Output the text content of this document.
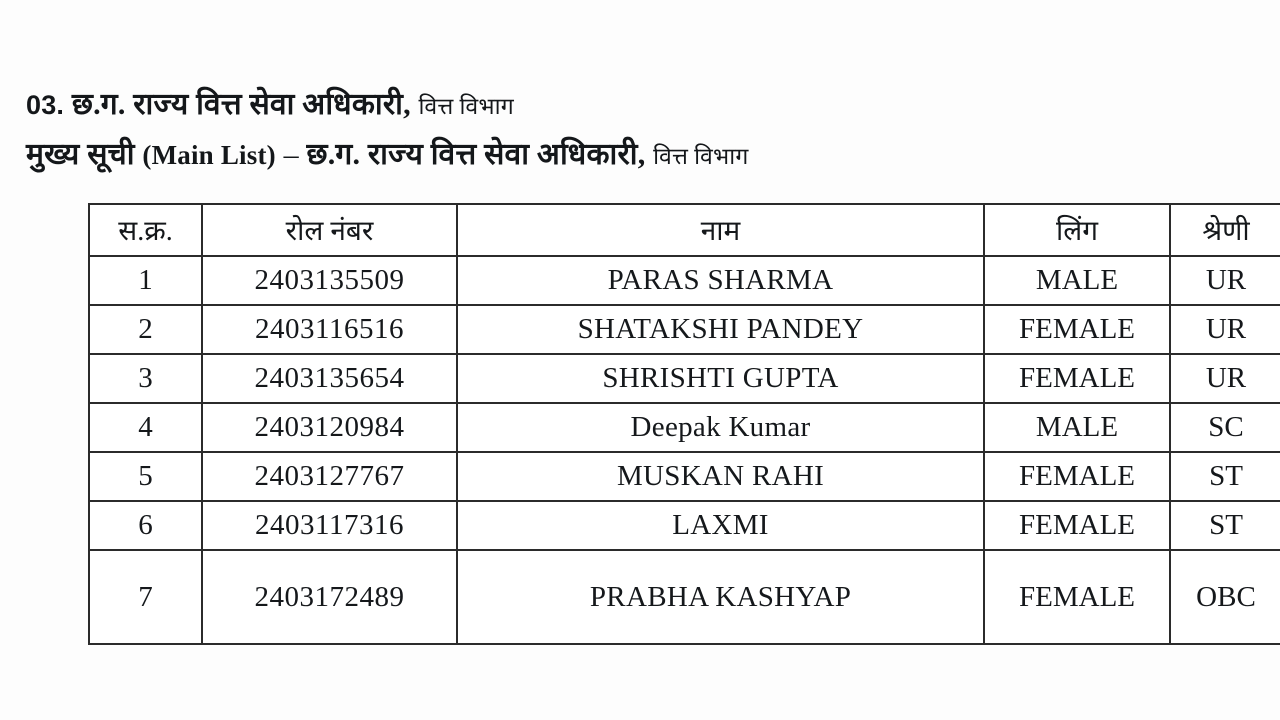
03. छ.ग. राज्य वित्त सेवा अधिकारी, वित्त विभाग
मुख्य सूची (Main List) – छ.ग. राज्य वित्त सेवा अधिकारी, वित्त विभाग
स.क्र.	रोल नंबर	नाम	लिंग	श्रेणी
1	2403135509	PARAS SHARMA	MALE	UR
2	2403116516	SHATAKSHI PANDEY	FEMALE	UR
3	2403135654	SHRISHTI GUPTA	FEMALE	UR
4	2403120984	Deepak Kumar	MALE	SC
5	2403127767	MUSKAN RAHI	FEMALE	ST
6	2403117316	LAXMI	FEMALE	ST
7	2403172489	PRABHA KASHYAP	FEMALE	OBC
